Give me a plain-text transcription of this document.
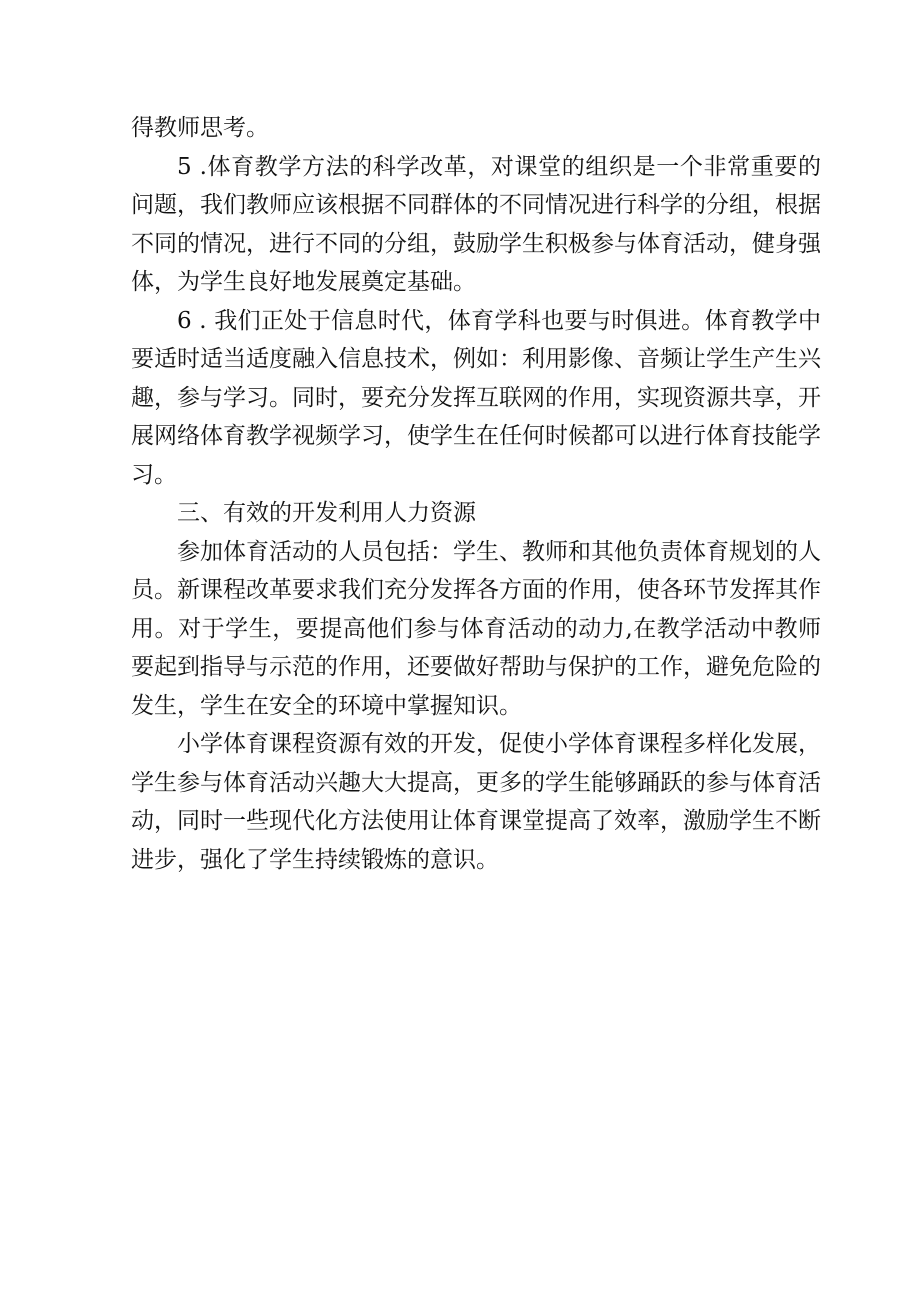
得教师思考。

5 .体育教学方法的科学改革，对课堂的组织是一个非常重要的问题，我们教师应该根据不同群体的不同情况进行科学的分组，根据不同的情况，进行不同的分组，鼓励学生积极参与体育活动，健身强体，为学生良好地发展奠定基础。

6 . 我们正处于信息时代，体育学科也要与时俱进。体育教学中要适时适当适度融入信息技术，例如：利用影像、音频让学生产生兴趣，参与学习。同时，要充分发挥互联网的作用，实现资源共享，开展网络体育教学视频学习，使学生在任何时候都可以进行体育技能学习。

三、有效的开发利用人力资源

参加体育活动的人员包括：学生、教师和其他负责体育规划的人员。新课程改革要求我们充分发挥各方面的作用，使各环节发挥其作用。对于学生，要提高他们参与体育活动的动力,在教学活动中教师要起到指导与示范的作用，还要做好帮助与保护的工作，避免危险的发生，学生在安全的环境中掌握知识。

小学体育课程资源有效的开发，促使小学体育课程多样化发展，学生参与体育活动兴趣大大提高，更多的学生能够踊跃的参与体育活动，同时一些现代化方法使用让体育课堂提高了效率，激励学生不断进步，强化了学生持续锻炼的意识。
